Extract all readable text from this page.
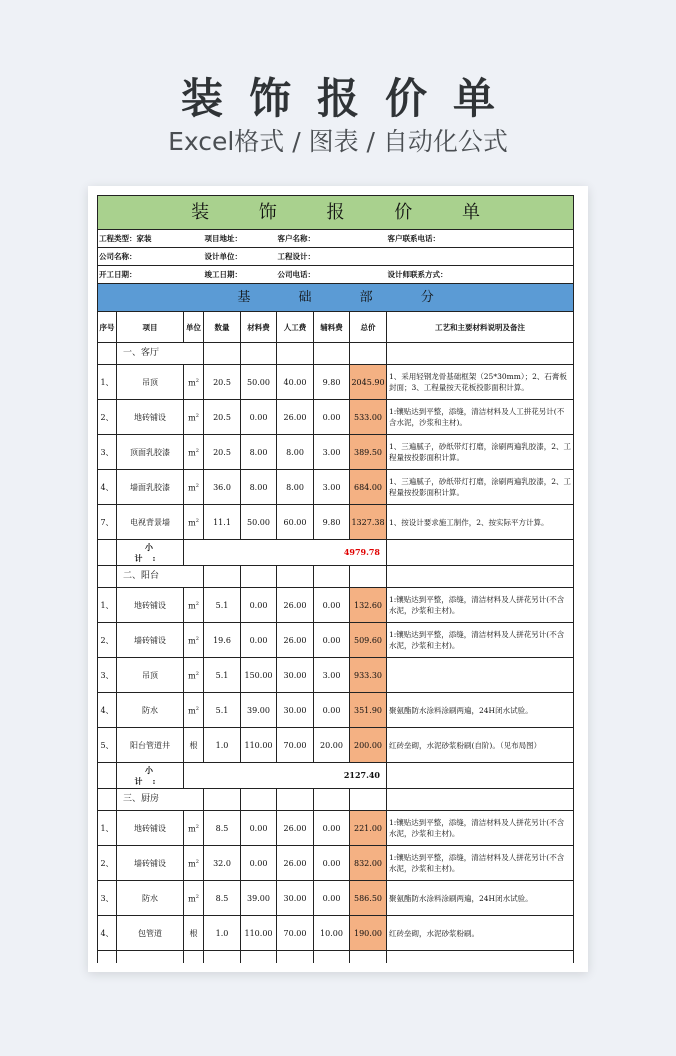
装饰报价单
Excel格式 / 图表 / 自动化公式
装 饰 报 价 单								
工程类型：家装			项目地址：		客户名称：			客户联系电话：
公司名称：			设计单位：		工程设计：			
开工日期：			竣工日期：		公司电话：			设计师联系方式：
基 础 部 分								
序号	项目	单位	数量	材料费	人工费	辅料费	总价	工艺和主要材料说明及备注
	一、客厅							
1、	吊顶	$m^2$	20.5	50.00	40.00	9.80	2045.90	1、采用轻钢龙骨基础框架（25*30mm）；2、石膏板封面；3、工程量按天花板投影面积计算。
2、	地砖铺设	$m^2$	20.5	0.00	26.00	0.00	533.00	1:镶贴达到平整，添缝，清洁材料及人工拼花另计(不含水泥，沙浆和主材)。
3、	顶面乳胶漆	$m^2$	20.5	8.00	8.00	3.00	389.50	1、三遍腻子，砂纸带灯打磨，涂刷两遍乳胶漆，2、工程量按投影面积计算。
4、	墙面乳胶漆	$m^2$	36.0	8.00	8.00	3.00	684.00	1、三遍腻子，砂纸带灯打磨，涂刷两遍乳胶漆，2、工程量按投影面积计算。
7、	电视背景墙	$m^2$	11.1	50.00	60.00	9.80	1327.38	1、按设计要求施工制作，2、按实际平方计算。
	小 计:	4979.78						
	二、阳台							
1、	地砖铺设	$m^2$	5.1	0.00	26.00	0.00	132.60	1:镶贴达到平整，添缝，清洁材料及人拼花另计(不含水泥，沙浆和主材)。
2、	墙砖铺设	$m^2$	19.6	0.00	26.00	0.00	509.60	1:镶贴达到平整，添缝，清洁材料及人拼花另计(不含水泥，沙浆和主材)。
3、	吊顶	$m^2$	5.1	150.00	30.00	3.00	933.30	
4、	防水	$m^2$	5.1	39.00	30.00	0.00	351.90	聚氨酯防水涂料涂刷两遍，24H闭水试验。
5、	阳台管道井	根	1.0	110.00	70.00	20.00	200.00	红砖垒砌，水泥砂浆粉刷(自阶)。（见布局图）
	小 计:	2127.40						
	三、厨房							
1、	地砖铺设	$m^2$	8.5	0.00	26.00	0.00	221.00	1:镶贴达到平整，添缝，清洁材料及人拼花另计(不含水泥，沙浆和主材)。
2、	墙砖铺设	$m^2$	32.0	0.00	26.00	0.00	832.00	1:镶贴达到平整，添缝，清洁材料及人拼花另计(不含水泥，沙浆和主材)。
3、	防水	$m^2$	8.5	39.00	30.00	0.00	586.50	聚氨酯防水涂料涂刷两遍，24H闭水试验。
4、	包管道	根	1.0	110.00	70.00	10.00	190.00	红砖垒砌，水泥砂浆粉刷。
